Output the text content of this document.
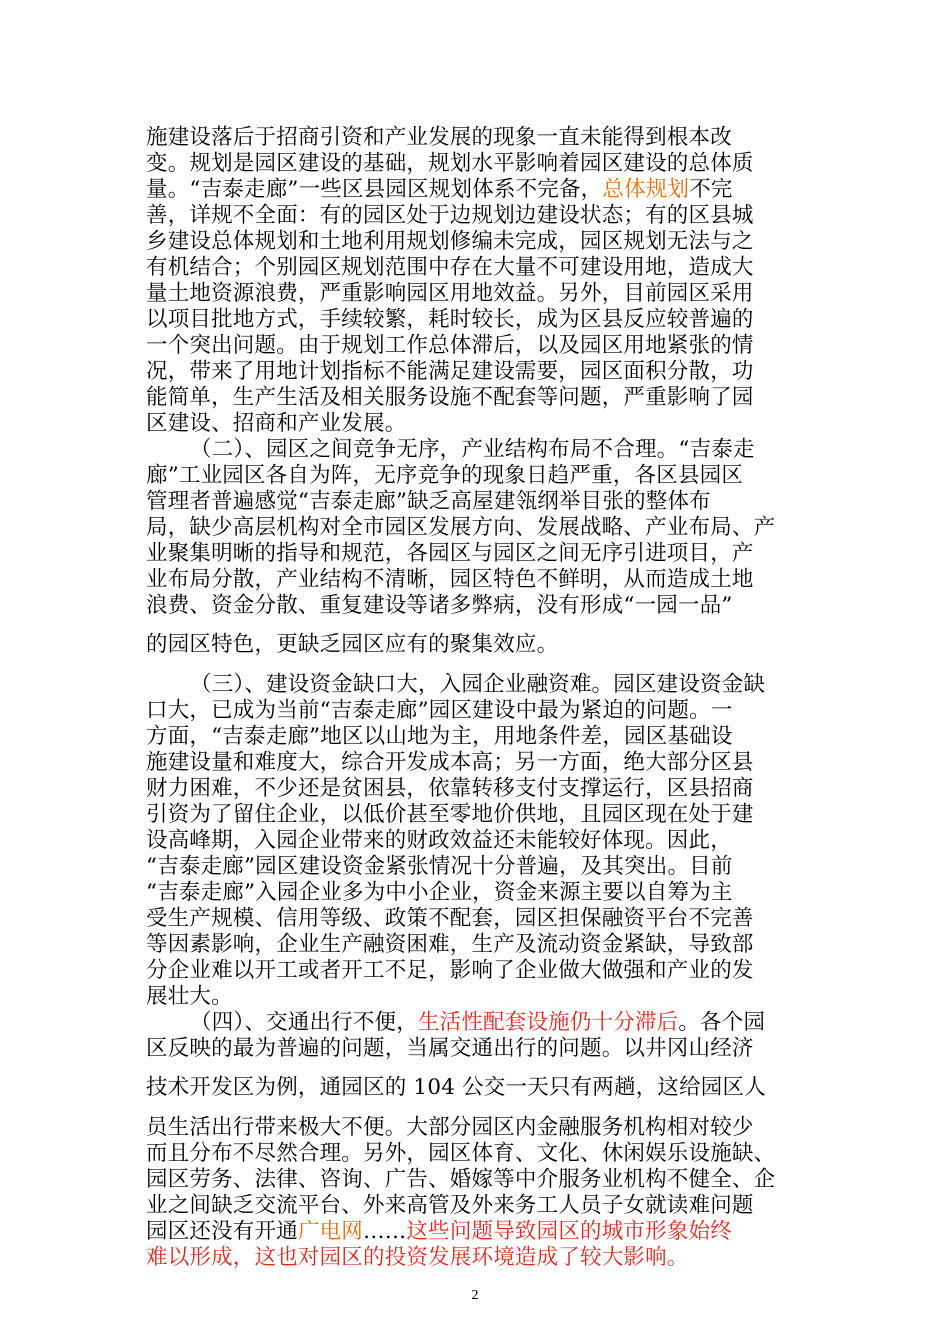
施建设落后于招商引资和产业发展的现象一直未能得到根本改
变。规划是园区建设的基础，规划水平影响着园区建设的总体质
量。“吉泰走廊”一些区县园区规划体系不完备，总体规划不完
善，详规不全面：有的园区处于边规划边建设状态；有的区县城
乡建设总体规划和土地利用规划修编未完成，园区规划无法与之
有机结合；个别园区规划范围中存在大量不可建设用地，造成大
量土地资源浪费，严重影响园区用地效益。另外，目前园区采用
以项目批地方式，手续较繁，耗时较长，成为区县反应较普遍的
一个突出问题。由于规划工作总体滞后，以及园区用地紧张的情
况，带来了用地计划指标不能满足建设需要，园区面积分散，功
能简单，生产生活及相关服务设施不配套等问题，严重影响了园
区建设、招商和产业发展。
（二）、园区之间竞争无序，产业结构布局不合理。“吉泰走
廊”工业园区各自为阵，无序竞争的现象日趋严重，各区县园区
管理者普遍感觉“吉泰走廊”缺乏高屋建瓴纲举目张的整体布
局，缺少高层机构对全市园区发展方向、发展战略、产业布局、产
业聚集明晰的指导和规范，各园区与园区之间无序引进项目，产
业布局分散，产业结构不清晰，园区特色不鲜明，从而造成土地
浪费、资金分散、重复建设等诸多弊病，没有形成“一园一品”
的园区特色，更缺乏园区应有的聚集效应。
（三）、建设资金缺口大，入园企业融资难。园区建设资金缺
口大，已成为当前“吉泰走廊”园区建设中最为紧迫的问题。一
方面，“吉泰走廊”地区以山地为主，用地条件差，园区基础设
施建设量和难度大，综合开发成本高；另一方面，绝大部分区县
财力困难，不少还是贫困县，依靠转移支付支撑运行，区县招商
引资为了留住企业，以低价甚至零地价供地，且园区现在处于建
设高峰期，入园企业带来的财政效益还未能较好体现。因此，
“吉泰走廊”园区建设资金紧张情况十分普遍，及其突出。目前
“吉泰走廊”入园企业多为中小企业，资金来源主要以自筹为主
受生产规模、信用等级、政策不配套，园区担保融资平台不完善
等因素影响，企业生产融资困难，生产及流动资金紧缺，导致部
分企业难以开工或者开工不足，影响了企业做大做强和产业的发
展壮大。
（四）、交通出行不便，生活性配套设施仍十分滞后。各个园
区反映的最为普遍的问题，当属交通出行的问题。以井冈山经济
技术开发区为例，通园区的 104 公交一天只有两趟，这给园区人
员生活出行带来极大不便。大部分园区内金融服务机构相对较少
而且分布不尽然合理。另外，园区体育、文化、休闲娱乐设施缺、
园区劳务、法律、咨询、广告、婚嫁等中介服务业机构不健全、企
业之间缺乏交流平台、外来高管及外来务工人员子女就读难问题
园区还没有开通广电网……这些问题导致园区的城市形象始终
难以形成，这也对园区的投资发展环境造成了较大影响。
2
